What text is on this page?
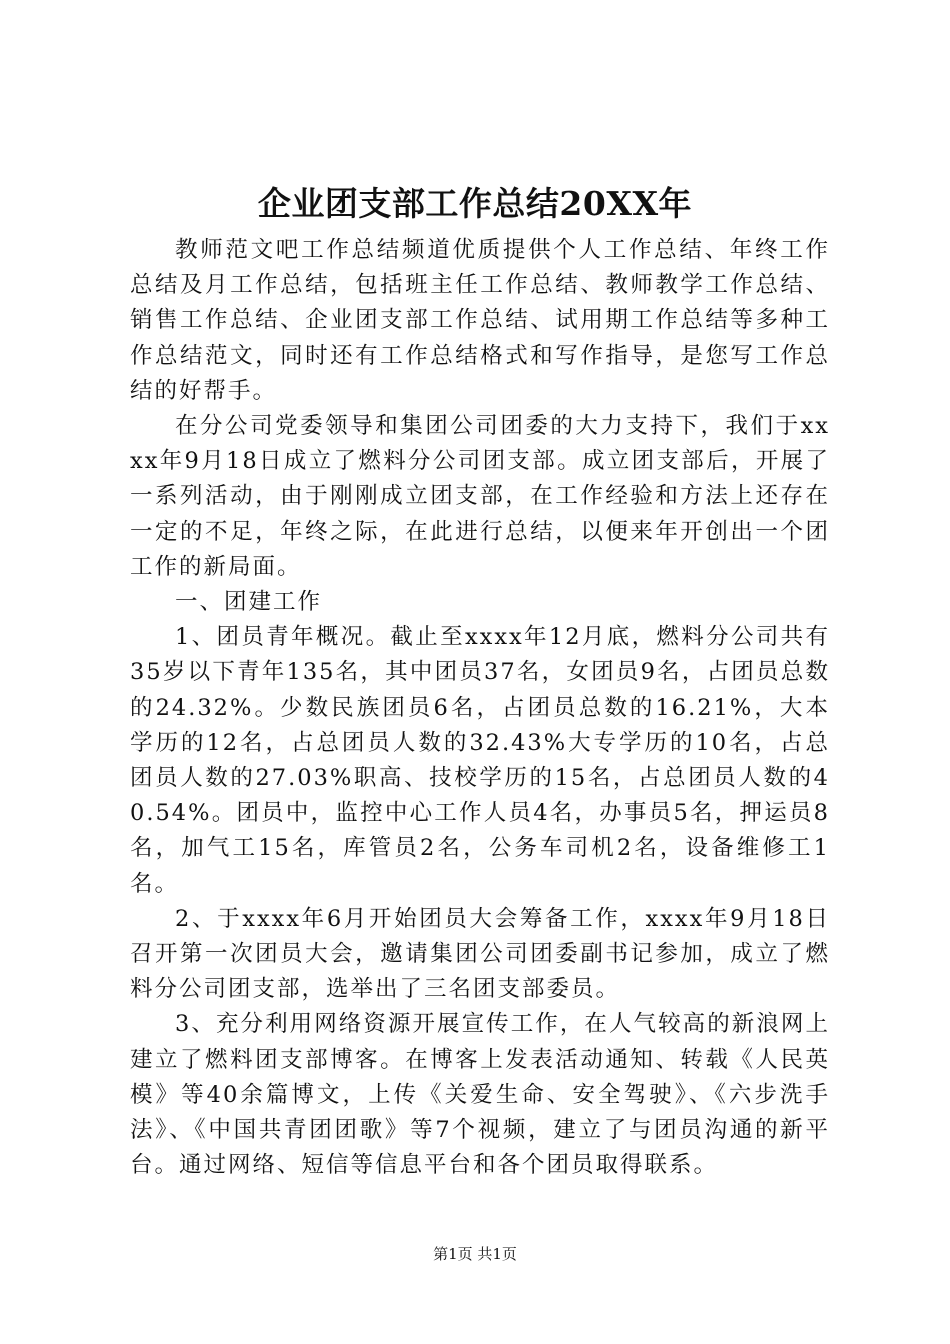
企业团支部工作总结20XX年

教师范文吧工作总结频道优质提供个人工作总结、年终工作总结及月工作总结，包括班主任工作总结、教师教学工作总结、销售工作总结、企业团支部工作总结、试用期工作总结等多种工作总结范文，同时还有工作总结格式和写作指导，是您写工作总结的好帮手。

在分公司党委领导和集团公司团委的大力支持下，我们于xxxx年9月18日成立了燃料分公司团支部。成立团支部后，开展了一系列活动，由于刚刚成立团支部，在工作经验和方法上还存在一定的不足，年终之际，在此进行总结，以便来年开创出一个团工作的新局面。

一、团建工作

1、团员青年概况。截止至xxxx年12月底，燃料分公司共有35岁以下青年135名，其中团员37名，女团员9名，占团员总数的24.32%。少数民族团员6名，占团员总数的16.21%，大本学历的12名，占总团员人数的32.43%大专学历的10名，占总团员人数的27.03%职高、技校学历的15名，占总团员人数的40.54%。团员中，监控中心工作人员4名，办事员5名，押运员8名，加气工15名，库管员2名，公务车司机2名，设备维修工1名。

2、于xxxx年6月开始团员大会筹备工作，xxxx年9月18日召开第一次团员大会，邀请集团公司团委副书记参加，成立了燃料分公司团支部，选举出了三名团支部委员。

3、充分利用网络资源开展宣传工作，在人气较高的新浪网上建立了燃料团支部博客。在博客上发表活动通知、转载《人民英模》等40余篇博文，上传《关爱生命、安全驾驶》、《六步洗手法》、《中国共青团团歌》等7个视频，建立了与团员沟通的新平台。通过网络、短信等信息平台和各个团员取得联系。

第1页 共1页
